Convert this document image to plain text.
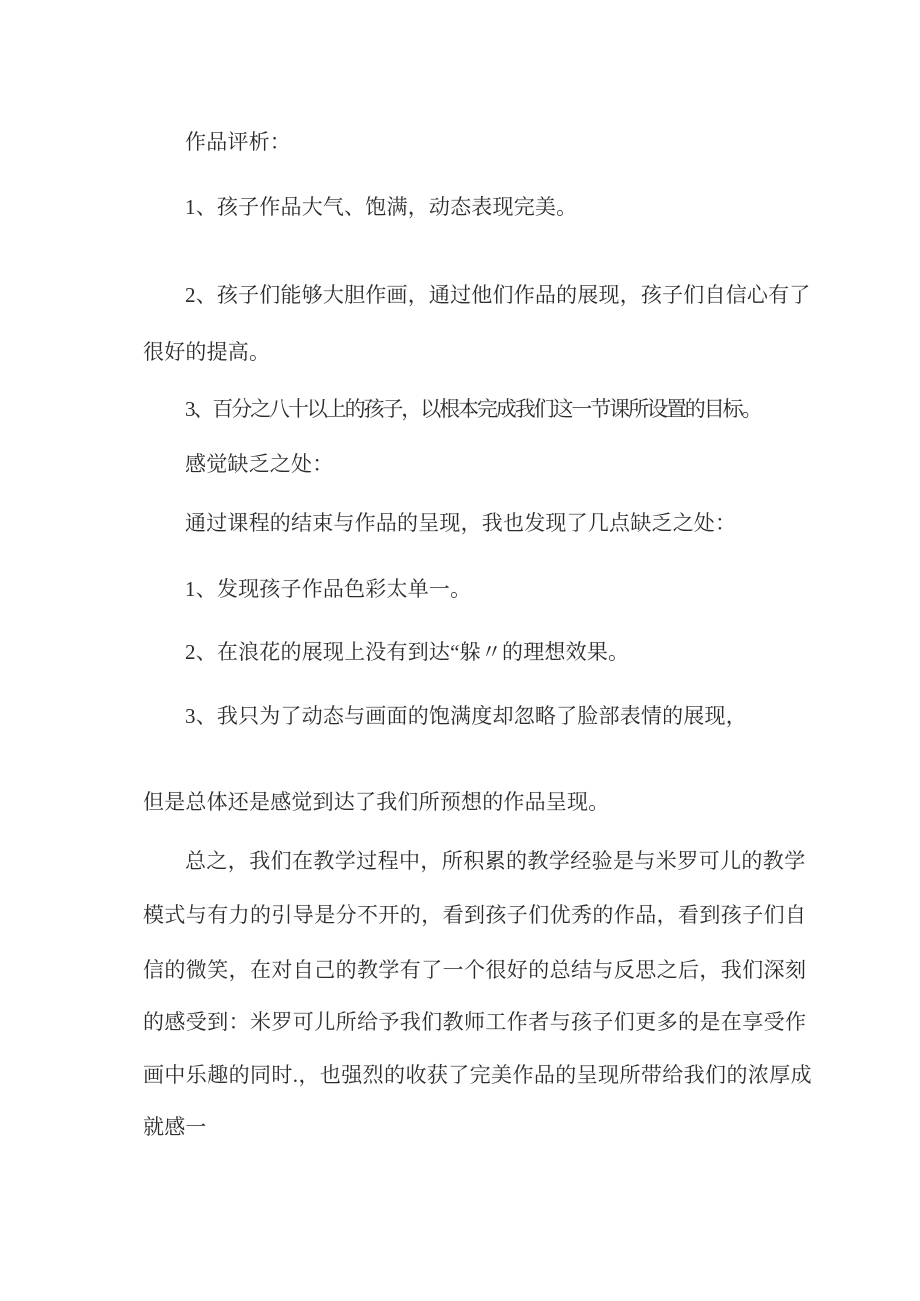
作品评析：
1、孩子作品大气、饱满，动态表现完美。
2、孩子们能够大胆作画，通过他们作品的展现，孩子们自信心有了
很好的提高。
3、百分之八十以上的孩子，以根本完成我们这一节课所设置的目标。
感觉缺乏之处：
通过课程的结束与作品的呈现，我也发现了几点缺乏之处：
1、发现孩子作品色彩太单一。
2、在浪花的展现上没有到达“躲〃的理想效果。
3、我只为了动态与画面的饱满度却忽略了脸部表情的展现，
但是总体还是感觉到达了我们所预想的作品呈现。
总之，我们在教学过程中，所积累的教学经验是与米罗可儿的教学
模式与有力的引导是分不开的，看到孩子们优秀的作品，看到孩子们自
信的微笑，在对自己的教学有了一个很好的总结与反思之后，我们深刻
的感受到：米罗可儿所给予我们教师工作者与孩子们更多的是在享受作
画中乐趣的同时.，也强烈的收获了完美作品的呈现所带给我们的浓厚成
就感一
